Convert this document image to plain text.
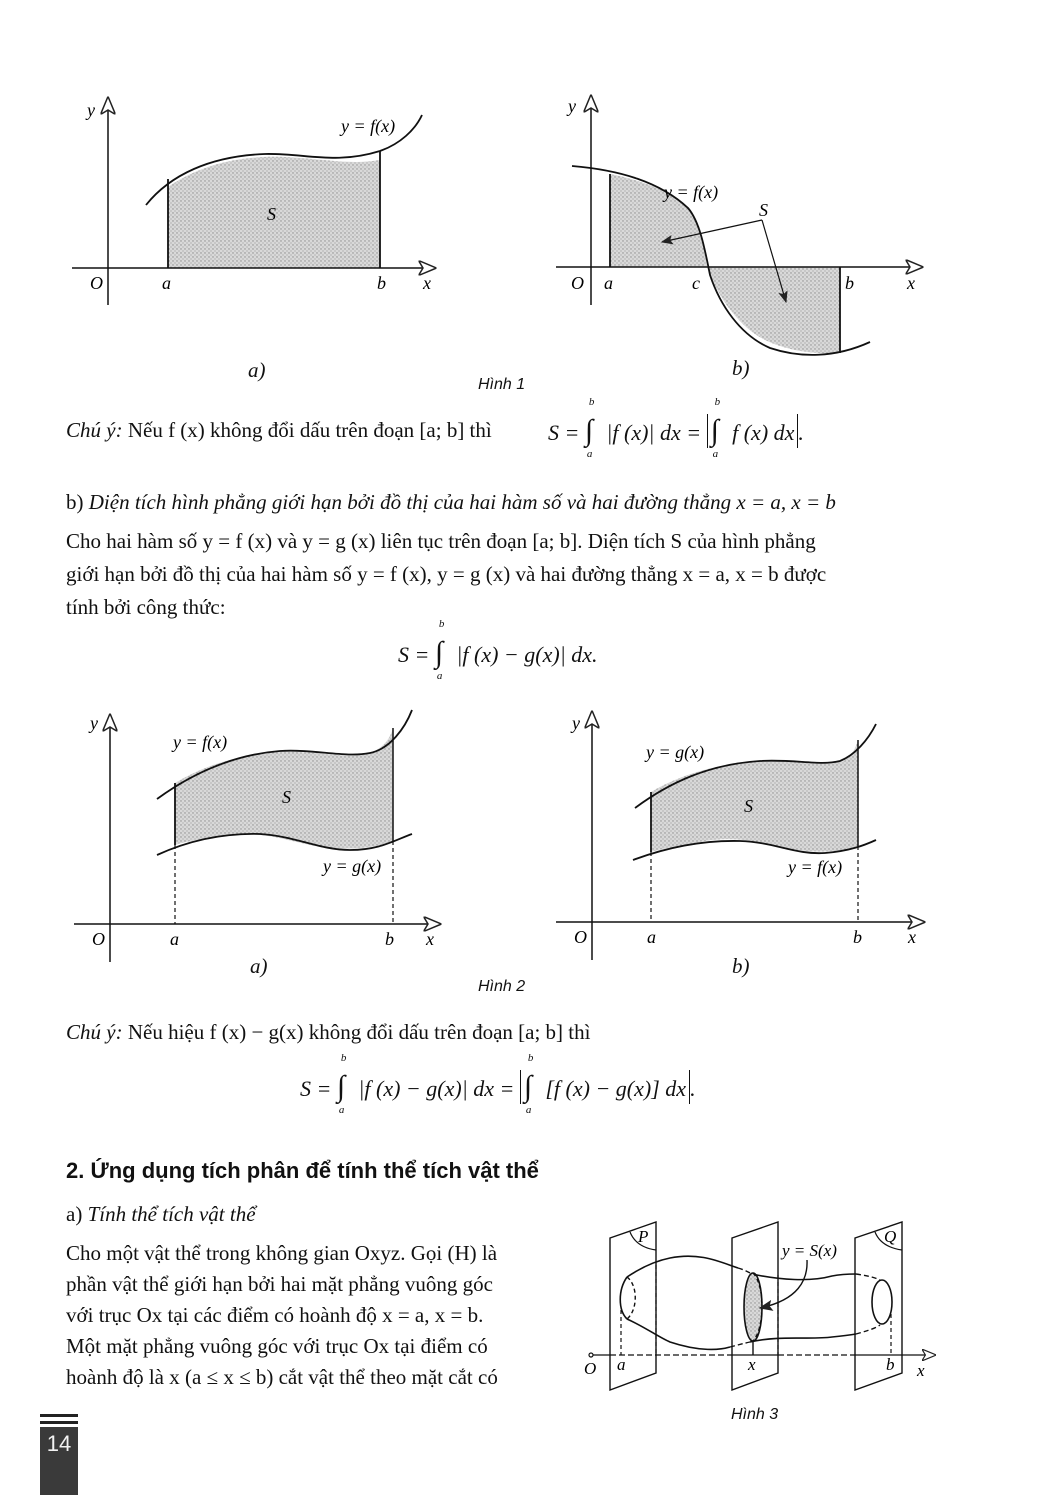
y
O	a	b x
y = f(x)
S
a)
y
O a	c	b	x
y = f(x)
S
b)
Hình 1
Chú ý: Nếu f (x) không đổi dấu trên đoạn [a; b] thì	S = ∫
b
a
|f (x)| dx = ∫
b
a
f (x) dx .
b) Diện tích hình phẳng giới hạn bởi đồ thị của hai hàm số và hai đường thẳng x = a, x = b
Cho hai hàm số y = f (x) và y = g (x) liên tục trên đoạn [a; b]. Diện tích S của hình phẳng
giới hạn bởi đồ thị của hai hàm số y = f (x), y = g (x) và hai đường thẳng x = a, x = b được
tính bởi công thức:
S = ∫
b
a
|f (x) − g(x)| dx.
y
O	a	b x
y = f(x)
y = g(x)
S
a)
y
O	a	b	x
y = g(x)
y = f(x)
S
b)
Hình 2
Chú ý: Nếu hiệu f (x) − g(x) không đổi dấu trên đoạn [a; b] thì
S = ∫
b
a
|f (x) − g(x)| dx = ∫
b
a
[f (x) − g(x)] dx .
2. Ứng dụng tích phân để tính thể tích vật thể
a) Tính thể tích vật thể
Cho một vật thể trong không gian Oxyz. Gọi (H) là
phần vật thể giới hạn bởi hai mặt phẳng vuông góc
với trục Ox tại các điểm có hoành độ x = a, x = b.
Một mặt phẳng vuông góc với trục Ox tại điểm có
hoành độ là x (a ≤ x ≤ b) cắt vật thể theo mặt cắt có
P	Q
y = S(x)
O a	x	b x
Hình 3
14
